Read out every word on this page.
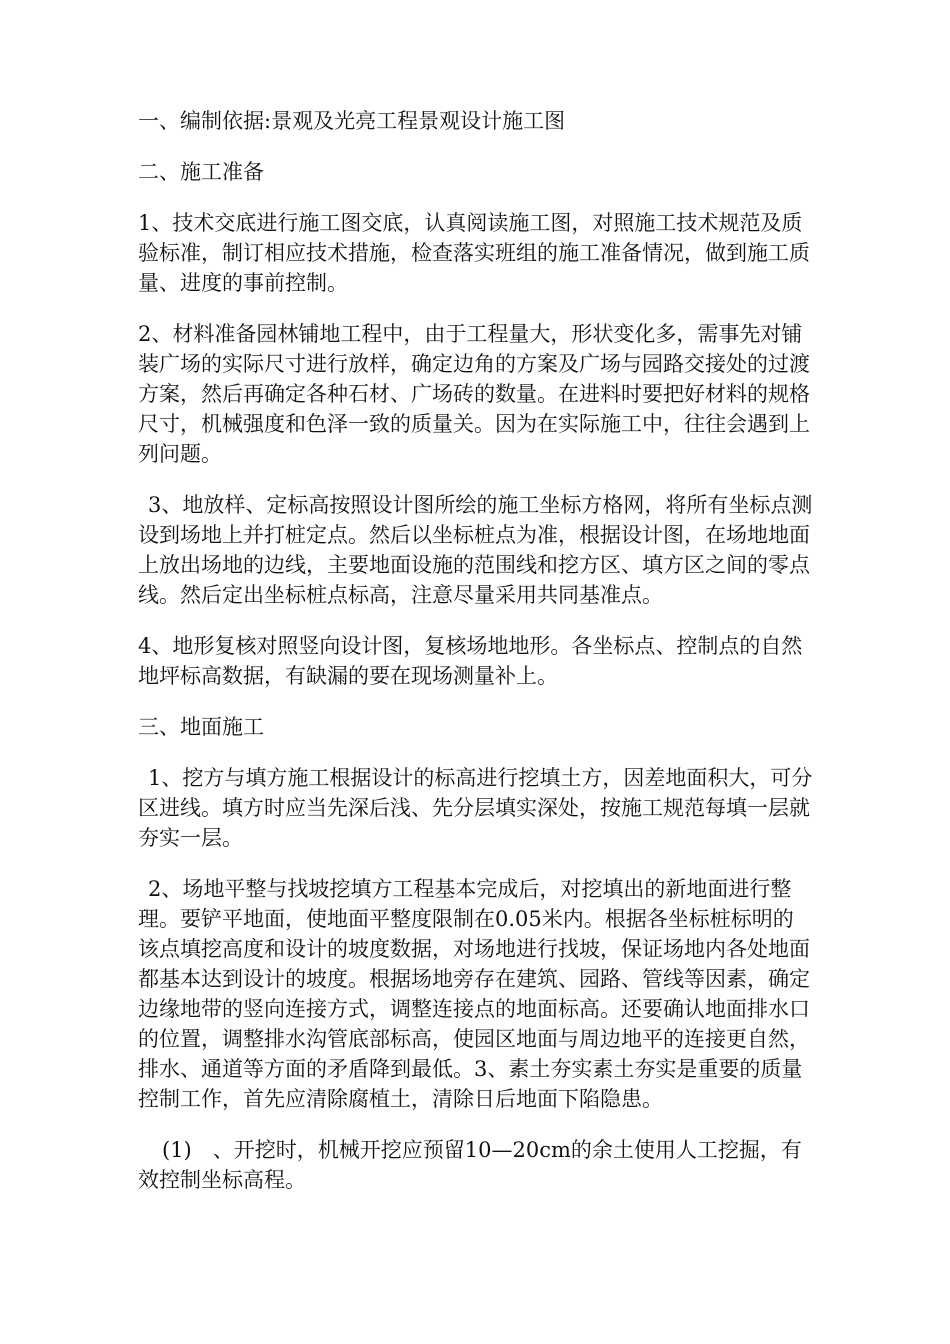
一、编制依据:景观及光亮工程景观设计施工图

二、施工准备

1、技术交底进行施工图交底，认真阅读施工图，对照施工技术规范及质验标准，制订相应技术措施，检查落实班组的施工准备情况，做到施工质量、进度的事前控制。

2、材料准备园林铺地工程中，由于工程量大，形状变化多，需事先对铺装广场的实际尺寸进行放样，确定边角的方案及广场与园路交接处的过渡方案，然后再确定各种石材、广场砖的数量。在进料时要把好材料的规格尺寸，机械强度和色泽一致的质量关。因为在实际施工中，往往会遇到上列问题。

3、地放样、定标高按照设计图所绘的施工坐标方格网，将所有坐标点测设到场地上并打桩定点。然后以坐标桩点为准，根据设计图，在场地地面上放出场地的边线，主要地面设施的范围线和挖方区、填方区之间的零点线。然后定出坐标桩点标高，注意尽量采用共同基准点。

4、地形复核对照竖向设计图，复核场地地形。各坐标点、控制点的自然地坪标高数据，有缺漏的要在现场测量补上。

三、地面施工

1、挖方与填方施工根据设计的标高进行挖填土方，因差地面积大，可分区进线。填方时应当先深后浅、先分层填实深处，按施工规范每填一层就夯实一层。

2、场地平整与找坡挖填方工程基本完成后，对挖填出的新地面进行整理。要铲平地面，使地面平整度限制在0.05米内。根据各坐标桩标明的该点填挖高度和设计的坡度数据，对场地进行找坡，保证场地内各处地面都基本达到设计的坡度。根据场地旁存在建筑、园路、管线等因素，确定边缘地带的竖向连接方式，调整连接点的地面标高。还要确认地面排水口的位置，调整排水沟管底部标高，使园区地面与周边地平的连接更自然，排水、通道等方面的矛盾降到最低。3、素土夯实素土夯实是重要的质量控制工作，首先应清除腐植土，清除日后地面下陷隐患。

(1)　、开挖时，机械开挖应预留10—20cm的余土使用人工挖掘，有效控制坐标高程。
